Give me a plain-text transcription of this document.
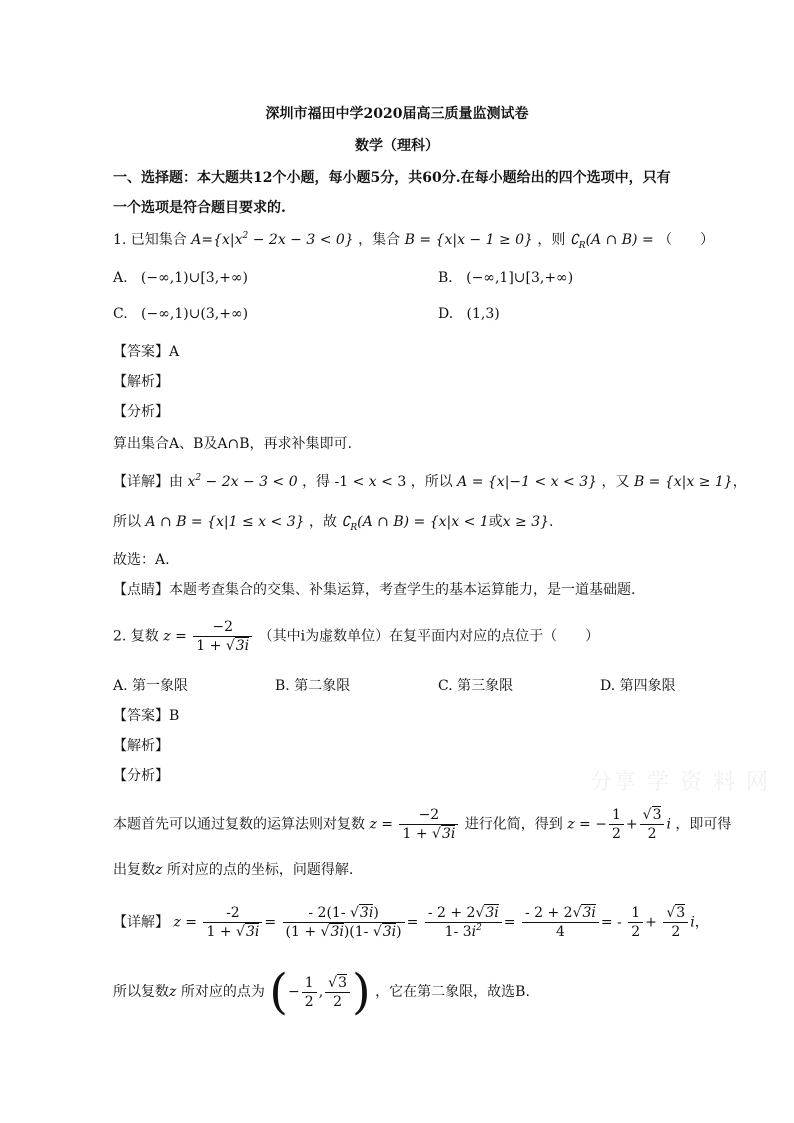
深圳市福田中学2020届高三质量监测试卷
数学（理科）
一、选择题：本大题共12个小题，每小题5分，共60分.在每小题给出的四个选项中，只有
一个选项是符合题目要求的.
1. 已知集合 $A=\{x|x^2 - 2x - 3 < 0\}$ ，集合 B = {x|x − 1 ≥ 0} ，则 $∁_R(A$ ∩ B) = （　　）
A.   (−∞,1)∪[3,+∞)	B.   (−∞,1]∪[3,+∞)
C.   (−∞,1)∪(3,+∞)	D.   (1,3)
【答案】A
【解析】
【分析】
算出集合A、B及A∩B，再求补集即可.
【详解】由 $x^2 - 2x - 3 < 0$ ，得 -1 < x < 3 ，所以 A = {x|−1 < x < 3} ，又 B = {x|x ≥ 1}，
所以 A ∩ B = {x|1 ≤ x < 3} ，故 $∁_R(A$ ∩ B) = {x|x < 1或x ≥ 3}.
故选：A.
【点睛】本题考查集合的交集、补集运算，考查学生的基本运算能力，是一道基础题.
2. 复数 $z = \frac{-2}{1 + √3i}$ （其中i为虚数单位）在复平面内对应的点位于（　　）
A. 第一象限	B. 第二象限	C. 第三象限	D. 第四象限
【答案】B
【解析】
【分析】
本题首先可以通过复数的运算法则对复数 $z = \frac{-2}{1 + √3i}$ 进行化简，得到 z = − $\frac{1}{2} + \frac{√3}{2}$ i ，即可得
出复数z 所对应的点的坐标，问题得解.
【详解】 $z = \frac{-2}{1 + √3i} = \frac{- 2(1- √3i)}{(1 + √3i)(1- √3i)} = \frac{- 2 + 2√3i}{1- 3i^2} = \frac{- 2 + 2√3i}{4}$ = - $\frac{1}{2} + \frac{√3}{2}$ i，
所以复数z 所对应的点为 (− $\frac{1}{2}$ , $\frac{√3}{2}$ ) ，它在第二象限，故选B.
分享 学 资 料 网
